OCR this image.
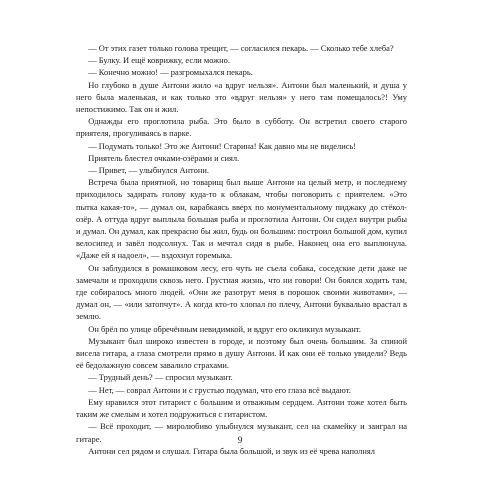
— От этих газет только голова трещит, — согласился пекарь. — Сколько тебе хлеба?

— Булку. И ещё коврижку, если можно.

— Конечно можно! — разгромыхался пекарь.

Но глубоко в душе Антони жило «а вдруг нельзя». Антони был маленький, и душа у него была маленькая, и как только это «вдруг нельзя» у него там помещалось?! Уму непостижимо. Так он и жил.

Однажды его проглотила рыба. Это было в субботу. Он встретил своего старого приятеля, прогуливаясь в парке.

— Подумать только! Это же Антони! Старина! Как давно мы не виделись!

Приятель блестел очками-озёрами и сиял.

— Привет, — улыбнулся Антони.

Встреча была приятной, но товарищ был выше Антони на целый метр, и последнему приходилось задирать голову куда-то к облакам, чтобы поговорить с приятелем. «Это пытка какая-то», — думал он, карабкаясь вверх по монументальному пиджаку до стёкол-озёр. А оттуда вдруг выплыла большая рыба и проглотила Антони. Он сидел внутри рыбы и думал. Он думал, как прекрасно бы жил, будь он большим: построил большой дом, купил велосипед и завёл подсолнух. Так и мечтал сидя в рыбе. Наконец она его выплюнула. «Даже ей я надоел», — вздохнул горемыка.

Он заблудился в ромашковом лесу, его чуть не съела собака, соседские дети даже не замечали и проходили сквозь него. Грустная жизнь, что ни говори! Он боялся ходить там, где собиралось много людей. «Они же разотрут меня в порошок своими животами», — думал он, — «или затопчут». А когда кто-то хлопал по плечу, Антони буквально врастал в землю.

Он брёл по улице обречённым невидимкой, и вдруг его окликнул музыкант.

Музыкант был широко известен в городе, и поэтому был очень большим. За спиной висела гитара, а глаза смотрели прямо в душу Антони. И как они её только увидели? Ведь её бедолажную совсем завалило страхами.

— Трудный день? — спросил музыкант.

— Нет, — соврал Антони и с грустью подумал, что его глаза всё выдают.

Ему нравился этот гитарист с большим и отважным сердцем. Антони тоже хотел быть таким же смелым и хотел подружиться с гитаристом.

— Всё проходит, — миролюбиво улыбнулся музыкант, сел на скамейку и заиграл на гитаре.

Антони сел рядом и слушал. Гитара была большой, и звук из её чрева наполнял

9
